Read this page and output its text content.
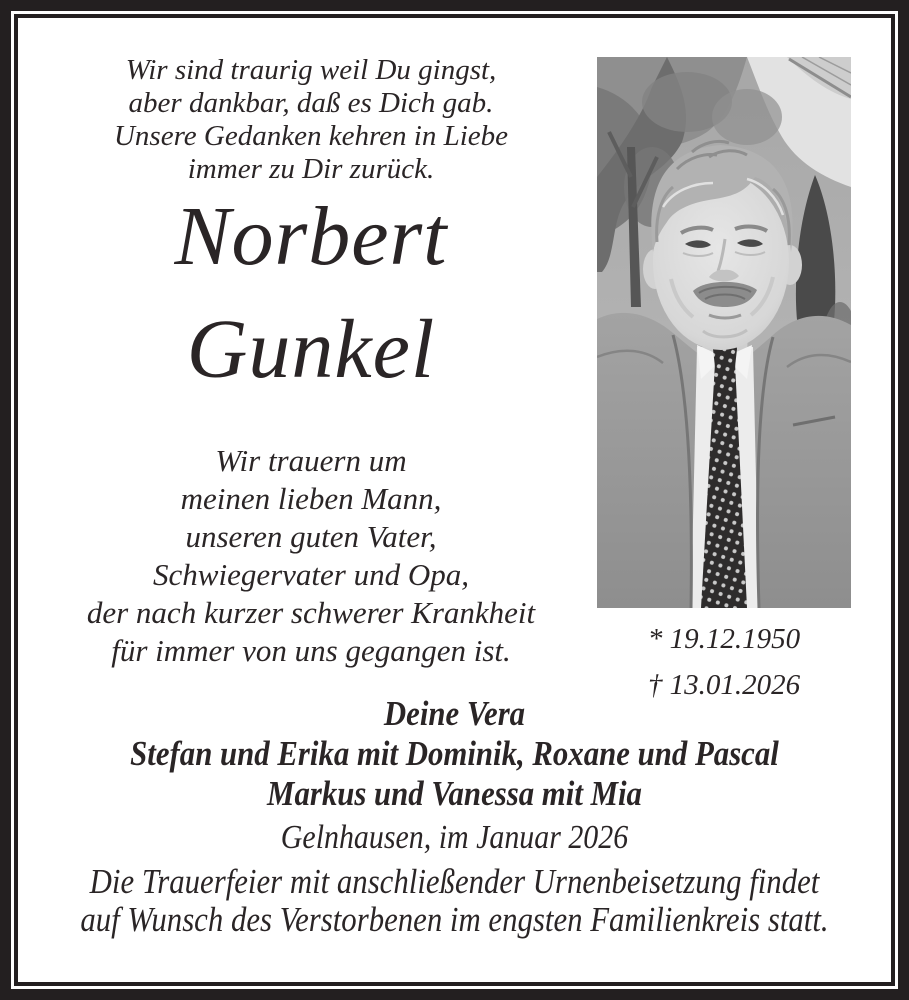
Wir sind traurig weil Du gingst,
aber dankbar, daß es Dich gab.
Unsere Gedanken kehren in Liebe
immer zu Dir zurück.
Norbert
Gunkel
Wir trauern um
meinen lieben Mann,
unseren guten Vater,
Schwiegervater und Opa,
der nach kurzer schwerer Krankheit
für immer von uns gegangen ist.	* 19.12.1950
† 13.01.2026
Deine Vera
Stefan und Erika mit Dominik, Roxane und Pascal
Markus und Vanessa mit Mia
Gelnhausen, im Januar 2026
Die Trauerfeier mit anschließender Urnenbeisetzung findet
auf Wunsch des Verstorbenen im engsten Familienkreis statt.
